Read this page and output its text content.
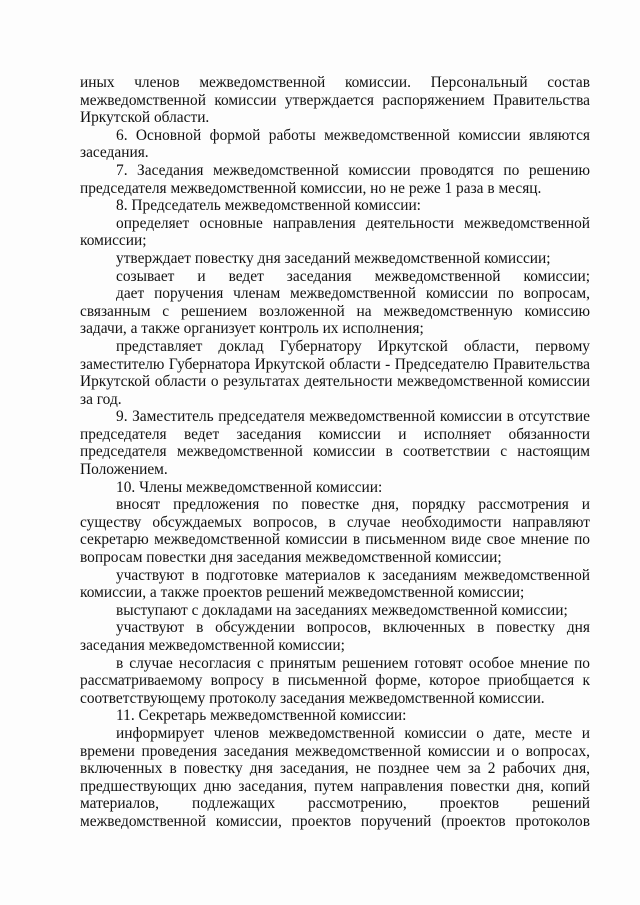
иных членов межведомственной комиссии. Персональный состав межведомственной комиссии утверждается распоряжением Правительства Иркутской области.

6. Основной формой работы межведомственной комиссии являются заседания.

7. Заседания межведомственной комиссии проводятся по решению председателя межведомственной комиссии, но не реже 1 раза в месяц.

8. Председатель межведомственной комиссии:

определяет основные направления деятельности межведомственной комиссии;

утверждает повестку дня заседаний межведомственной комиссии;

созывает и ведет заседания межведомственной комиссии;

дает поручения членам межведомственной комиссии по вопросам, связанным с решением возложенной на межведомственную комиссию задачи, а также организует контроль их исполнения;

представляет доклад Губернатору Иркутской области, первому заместителю Губернатора Иркутской области - Председателю Правительства Иркутской области о результатах деятельности межведомственной комиссии за год.

9. Заместитель председателя межведомственной комиссии в отсутствие председателя ведет заседания комиссии и исполняет обязанности председателя межведомственной комиссии в соответствии с настоящим Положением.

10. Члены межведомственной комиссии:

вносят предложения по повестке дня, порядку рассмотрения и существу обсуждаемых вопросов, в случае необходимости направляют секретарю межведомственной комиссии в письменном виде свое мнение по вопросам повестки дня заседания межведомственной комиссии;

участвуют в подготовке материалов к заседаниям межведомственной комиссии, а также проектов решений межведомственной комиссии;

выступают с докладами на заседаниях межведомственной комиссии;

участвуют в обсуждении вопросов, включенных в повестку дня заседания межведомственной комиссии;

в случае несогласия с принятым решением готовят особое мнение по рассматриваемому вопросу в письменной форме, которое приобщается к соответствующему протоколу заседания межведомственной комиссии.

11. Секретарь межведомственной комиссии:

информирует членов межведомственной комиссии о дате, месте и времени проведения заседания межведомственной комиссии и о вопросах, включенных в повестку дня заседания, не позднее чем за 2 рабочих дня, предшествующих дню заседания, путем направления повестки дня, копий материалов, подлежащих рассмотрению, проектов решений межведомственной комиссии, проектов поручений (проектов протоколов
